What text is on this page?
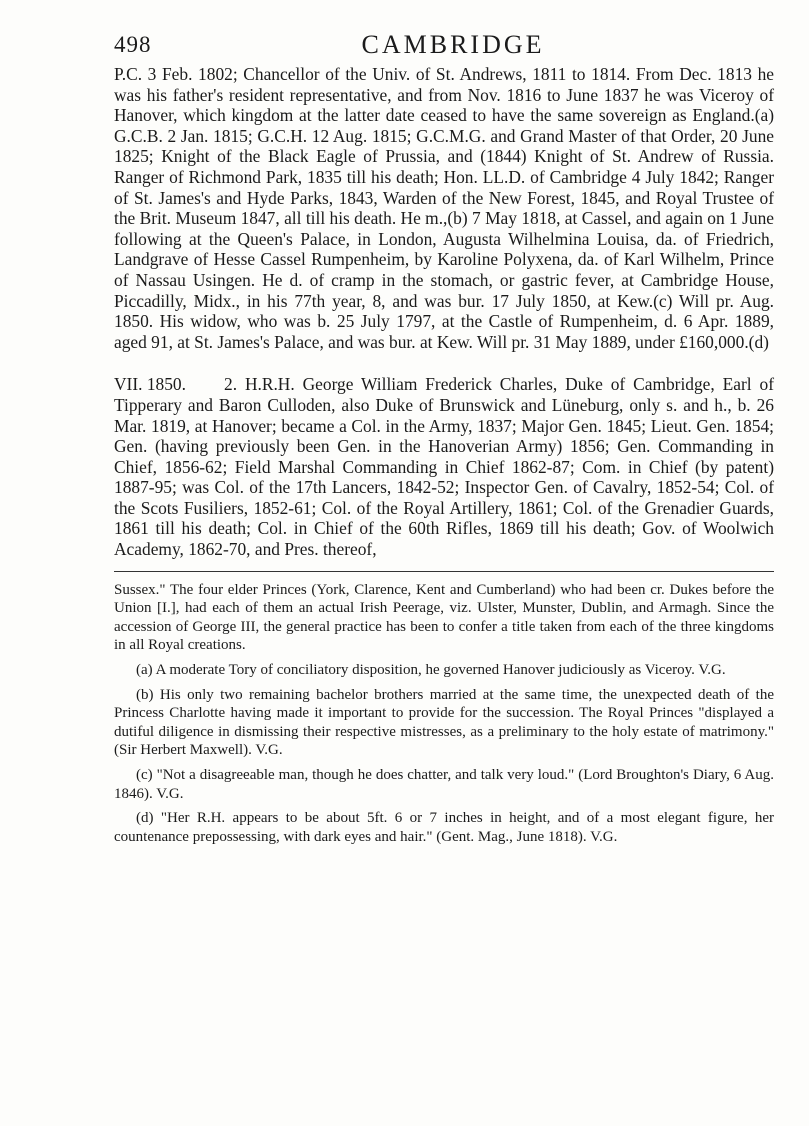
498	CAMBRIDGE

P.C. 3 Feb. 1802; Chancellor of the Univ. of St. Andrews, 1811 to 1814. From Dec. 1813 he was his father's resident representative, and from Nov. 1816 to June 1837 he was Viceroy of Hanover, which kingdom at the latter date ceased to have the same sovereign as England.(a) G.C.B. 2 Jan. 1815; G.C.H. 12 Aug. 1815; G.C.M.G. and Grand Master of that Order, 20 June 1825; Knight of the Black Eagle of Prussia, and (1844) Knight of St. Andrew of Russia. Ranger of Richmond Park, 1835 till his death; Hon. LL.D. of Cambridge 4 July 1842; Ranger of St. James's and Hyde Parks, 1843, Warden of the New Forest, 1845, and Royal Trustee of the Brit. Museum 1847, all till his death. He m.,(b) 7 May 1818, at Cassel, and again on 1 June following at the Queen's Palace, in London, Augusta Wilhelmina Louisa, da. of Friedrich, Landgrave of Hesse Cassel Rumpenheim, by Karoline Polyxena, da. of Karl Wilhelm, Prince of Nassau Usingen. He d. of cramp in the stomach, or gastric fever, at Cambridge House, Piccadilly, Midx., in his 77th year, 8, and was bur. 17 July 1850, at Kew.(c) Will pr. Aug. 1850. His widow, who was b. 25 July 1797, at the Castle of Rumpenheim, d. 6 Apr. 1889, aged 91, at St. James's Palace, and was bur. at Kew. Will pr. 31 May 1889, under £160,000.(d)

VII. 1850. 2. H.R.H. George William Frederick Charles, Duke of Cambridge, Earl of Tipperary and Baron Culloden, also Duke of Brunswick and Lüneburg, only s. and h., b. 26 Mar. 1819, at Hanover; became a Col. in the Army, 1837; Major Gen. 1845; Lieut. Gen. 1854; Gen. (having previously been Gen. in the Hanoverian Army) 1856; Gen. Commanding in Chief, 1856-62; Field Marshal Commanding in Chief 1862-87; Com. in Chief (by patent) 1887-95; was Col. of the 17th Lancers, 1842-52; Inspector Gen. of Cavalry, 1852-54; Col. of the Scots Fusiliers, 1852-61; Col. of the Royal Artillery, 1861; Col. of the Grenadier Guards, 1861 till his death; Col. in Chief of the 60th Rifles, 1869 till his death; Gov. of Woolwich Academy, 1862-70, and Pres. thereof,

Sussex." The four elder Princes (York, Clarence, Kent and Cumberland) who had been cr. Dukes before the Union [I.], had each of them an actual Irish Peerage, viz. Ulster, Munster, Dublin, and Armagh. Since the accession of George III, the general practice has been to confer a title taken from each of the three kingdoms in all Royal creations.

(a) A moderate Tory of conciliatory disposition, he governed Hanover judiciously as Viceroy. V.G.

(b) His only two remaining bachelor brothers married at the same time, the unexpected death of the Princess Charlotte having made it important to provide for the succession. The Royal Princes "displayed a dutiful diligence in dismissing their respective mistresses, as a preliminary to the holy estate of matrimony." (Sir Herbert Maxwell). V.G.

(c) "Not a disagreeable man, though he does chatter, and talk very loud." (Lord Broughton's Diary, 6 Aug. 1846). V.G.

(d) "Her R.H. appears to be about 5ft. 6 or 7 inches in height, and of a most elegant figure, her countenance prepossessing, with dark eyes and hair." (Gent. Mag., June 1818). V.G.
